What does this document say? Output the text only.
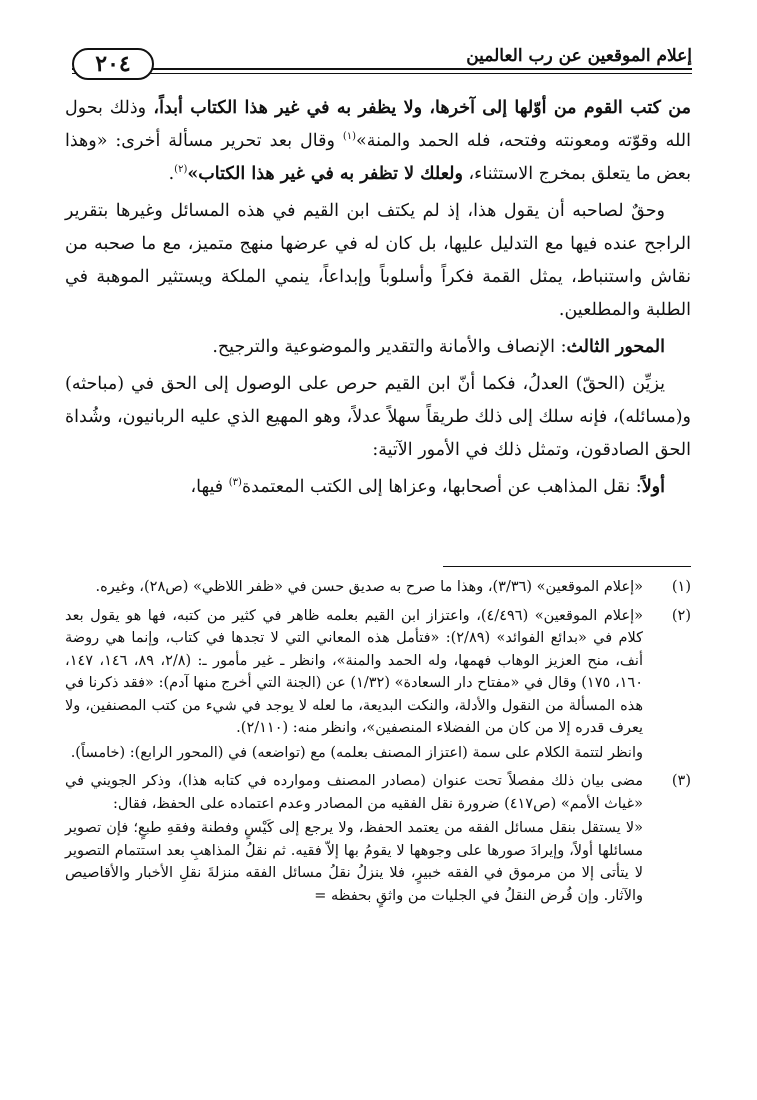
إعلام الموقعين عن رب العالمين
٢٠٤

من كتب القوم من أوّلها إلى آخرها، ولا يظفر به في غير هذا الكتاب أبداً، وذلك بحول الله وقوّته ومعونته وفتحه، فله الحمد والمنة»$^{(١)}$ وقال بعد تحرير مسألة أخرى: «وهذا بعض ما يتعلق بمخرج الاستثناء، ولعلك لا تظفر به في غير هذا الكتاب»$^{(٢)}$.

وحقٌ لصاحبه أن يقول هذا، إذ لم يكتف ابن القيم في هذه المسائل وغيرها بتقرير الراجح عنده فيها مع التدليل عليها، بل كان له في عرضها منهج متميز، مع ما صحبه من نقاش واستنباط، يمثل القمة فكراً وأسلوباً وإبداعاً، ينمي الملكة ويستثير الموهبة في الطلبة والمطلعين.

المحور الثالث: الإنصاف والأمانة والتقدير والموضوعية والترجيح.

يزيِّن (الحقّ) العدلُ، فكما أنّ ابن القيم حرص على الوصول إلى الحق في (مباحثه) و(مسائله)، فإنه سلك إلى ذلك طريقاً سهلاً عدلاً، وهو المهيع الذي عليه الربانيون، وشُداة الحق الصادقون، وتمثل ذلك في الأمور الآتية:

أولاً: نقل المذاهب عن أصحابها، وعزاها إلى الكتب المعتمدة$^{(٣)}$ فيها،

(١)

«إعلام الموقعين» (٣/٣٦)، وهذا ما صرح به صديق حسن في «ظفر اللاظي» (ص٢٨)، وغيره.

(٢)

«إعلام الموقعين» (٤/٤٩٦)، واعتزاز ابن القيم بعلمه ظاهر في كثير من كتبه، فها هو يقول بعد كلام في «بدائع الفوائد» (٢/٨٩): «فتأمل هذه المعاني التي لا تجدها في كتاب، وإنما هي روضة أنف، منح العزيز الوهاب فهمها، وله الحمد والمنة»، وانظر ـ غير مأمور ـ: (٢/٨، ٨٩، ١٤٦، ١٤٧، ١٦٠، ١٧٥) وقال في «مفتاح دار السعادة» (١/٣٢) عن (الجنة التي أخرج منها آدم): «فقد ذكرنا في هذه المسألة من النقول والأدلة، والنكت البديعة، ما لعله لا يوجد في شيء من كتب المصنفين، ولا يعرف قدره إلا من كان من الفضلاء المنصفين»، وانظر منه: (٢/١١٠).

وانظر لتتمة الكلام على سمة (اعتزاز المصنف بعلمه) مع (تواضعه) في (المحور الرابع): (خامساً).

(٣)

مضى بيان ذلك مفصلاً تحت عنوان (مصادر المصنف وموارده في كتابه هذا)، وذكر الجويني في «غياث الأمم» (ص٤١٧) ضرورة نقل الفقيه من المصادر وعدم اعتماده على الحفظ، فقال:

«لا يستقل بنقل مسائل الفقه من يعتمد الحفظ، ولا يرجع إلى كَيْسٍ وفطنة وفقهِ طبعٍ؛ فإن تصوير مسائلها أولاً، وإيرادَ صورها على وجوهها لا يقومُ بها إلاّ فقيه. ثم نقلُ المذاهبِ بعد استتمام التصوير لا يتأتى إلا من مرموق في الفقه خبيرٍ، فلا ينزلُ نقلُ مسائل الفقه منزلةَ نقلِ الأخبار والأقاصيص والآثار. وإن فُرض النقلُ في الجليات من واثقٍ بحفظه =
